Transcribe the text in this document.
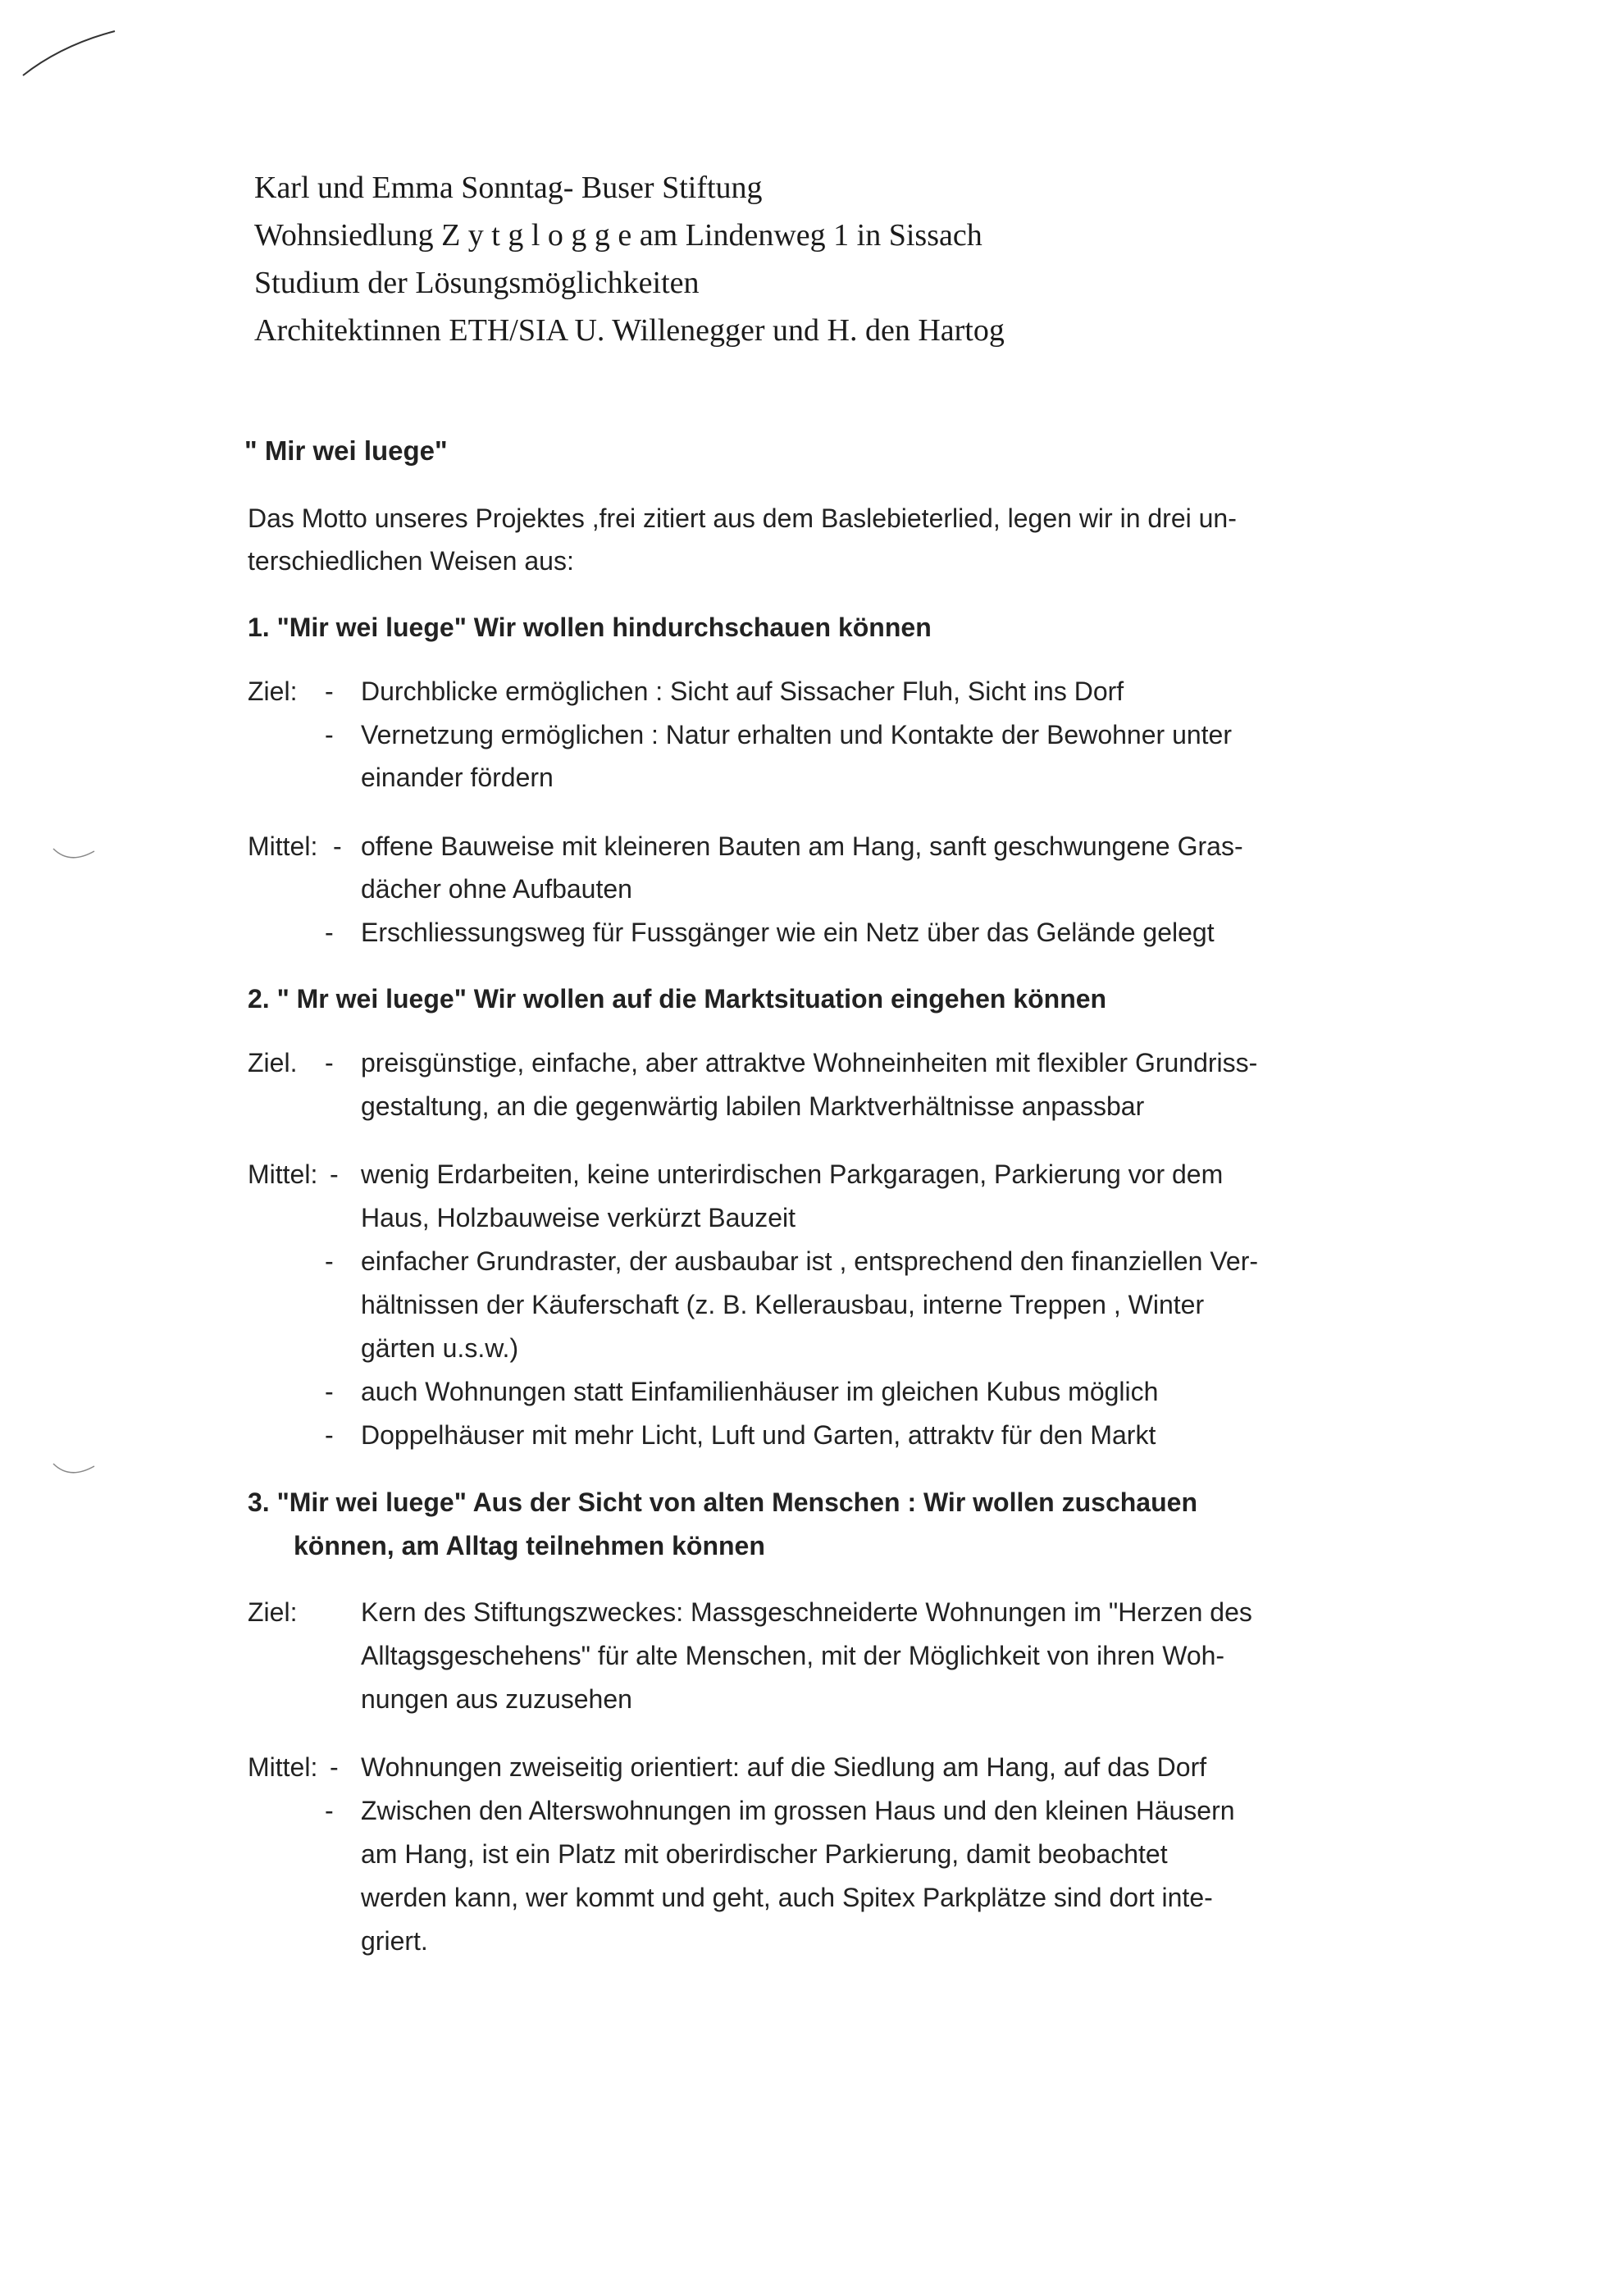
Karl und Emma Sonntag- Buser Stiftung
Wohnsiedlung Z y t g l o g g e am Lindenweg 1 in Sissach
Studium der Lösungsmöglichkeiten
Architektinnen ETH/SIA U. Willenegger und H. den Hartog
" Mir wei luege"
Das Motto unseres Projektes ,frei zitiert aus dem Baslebieterlied, legen wir in drei un-
terschiedlichen Weisen aus:
1. "Mir wei luege" Wir wollen hindurchschauen können
Ziel: - Durchblicke ermöglichen : Sicht auf Sissacher Fluh, Sicht ins Dorf
- Vernetzung ermöglichen : Natur erhalten und Kontakte der Bewohner unter
einander fördern
Mittel: - offene Bauweise mit kleineren Bauten am Hang, sanft geschwungene Gras-
dächer ohne Aufbauten
- Erschliessungsweg für Fussgänger wie ein Netz über das Gelände gelegt
2. " Mr wei luege" Wir wollen auf die Marktsituation eingehen können
Ziel. - preisgünstige, einfache, aber attraktve Wohneinheiten mit flexibler Grundriss-
gestaltung, an die gegenwärtig labilen Marktverhältnisse anpassbar
Mittel: - wenig Erdarbeiten, keine unterirdischen Parkgaragen, Parkierung vor dem
Haus, Holzbauweise verkürzt Bauzeit
- einfacher Grundraster, der ausbaubar ist , entsprechend den finanziellen Ver-
hältnissen der Käuferschaft (z. B. Kellerausbau, interne Treppen , Winter
gärten u.s.w.)
- auch Wohnungen statt Einfamilienhäuser im gleichen Kubus möglich
- Doppelhäuser mit mehr Licht, Luft und Garten, attraktv für den Markt
3. "Mir wei luege" Aus der Sicht von alten Menschen : Wir wollen zuschauen
können, am Alltag teilnehmen können
Ziel: Kern des Stiftungszweckes: Massgeschneiderte Wohnungen im "Herzen des
Alltagsgeschehens" für alte Menschen, mit der Möglichkeit von ihren Woh-
nungen aus zuzusehen
Mittel: - Wohnungen zweiseitig orientiert: auf die Siedlung am Hang, auf das Dorf
- Zwischen den Alterswohnungen im grossen Haus und den kleinen Häusern
am Hang, ist ein Platz mit oberirdischer Parkierung, damit beobachtet
werden kann, wer kommt und geht, auch Spitex Parkplätze sind dort inte-
griert.
